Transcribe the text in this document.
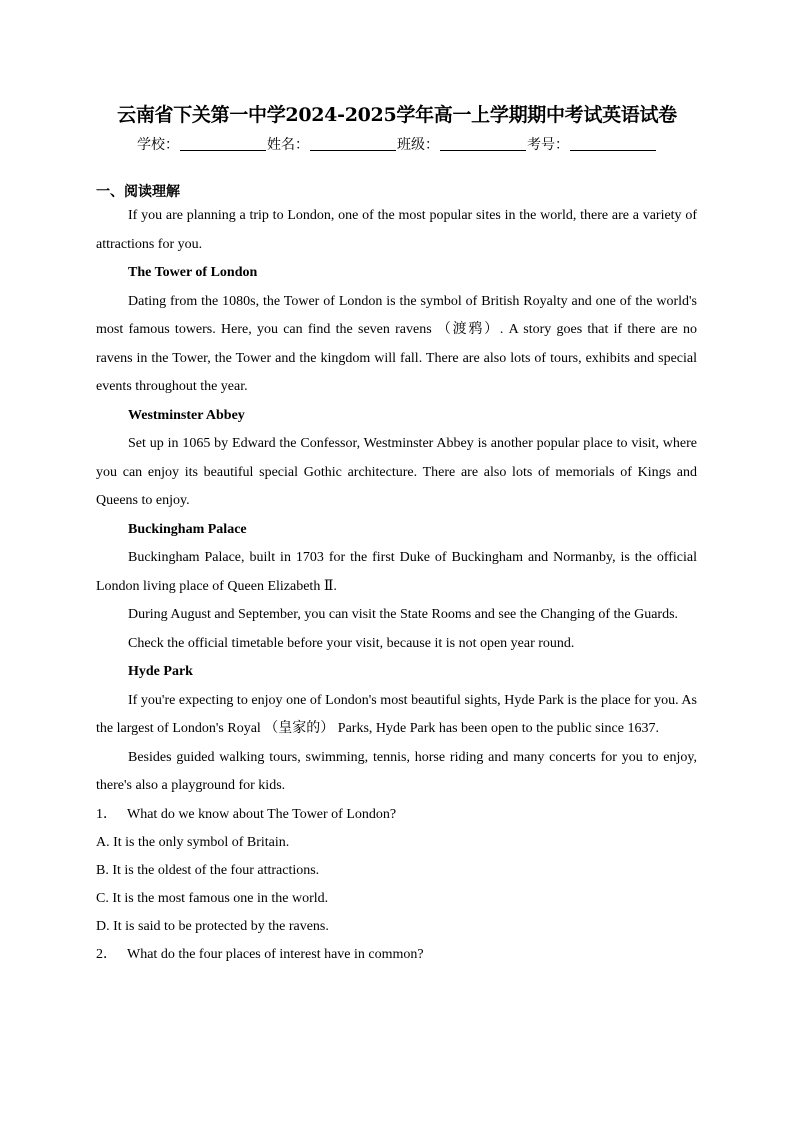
云南省下关第一中学2024-2025学年高一上学期期中考试英语试卷
学校：	姓名：	班级：	考号：
一、阅读理解

If you are planning a trip to London, one of the most popular sites in the world, there are a variety of attractions for you.

The Tower of London

Dating from the 1080s, the Tower of London is the symbol of British Royalty and one of the world's most famous towers. Here, you can find the seven ravens （渡鸦）. A story goes that if there are no ravens in the Tower, the Tower and the kingdom will fall. There are also lots of tours, exhibits and special events throughout the year.

Westminster Abbey

Set up in 1065 by Edward the Confessor, Westminster Abbey is another popular place to visit, where you can enjoy its beautiful special Gothic architecture. There are also lots of memorials of Kings and Queens to enjoy.

Buckingham Palace

Buckingham Palace, built in 1703 for the first Duke of Buckingham and Normanby, is the official London living place of Queen Elizabeth Ⅱ.

During August and September, you can visit the State Rooms and see the Changing of the Guards.

Check the official timetable before your visit, because it is not open year round.

Hyde Park

If you're expecting to enjoy one of London's most beautiful sights, Hyde Park is the place for you. As the largest of London's Royal （皇家的） Parks, Hyde Park has been open to the public since 1637.

Besides guided walking tours, swimming, tennis, horse riding and many concerts for you to enjoy, there's also a playground for kids.

1． What do we know about The Tower of London?

A. It is the only symbol of Britain.

B. It is the oldest of the four attractions.

C. It is the most famous one in the world.

D. It is said to be protected by the ravens.

2． What do the four places of interest have in common?
